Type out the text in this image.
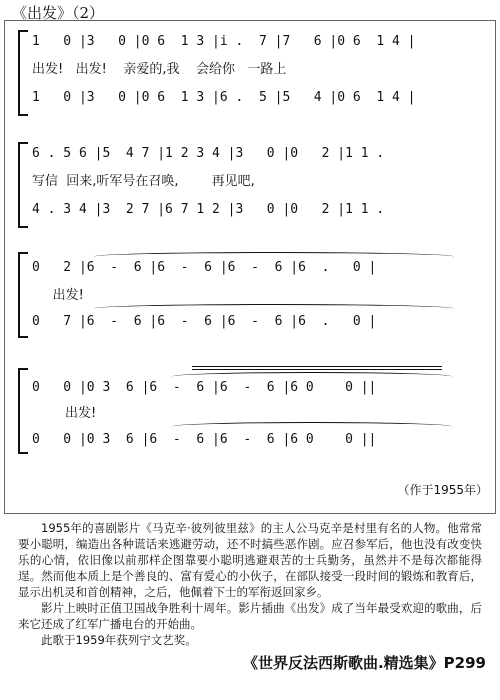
《出发》（2）
1   0 |3   0 |0 6  1 3 |i .  7 |7   6 |0 6  1 4 |
出发!   出发!    亲爱的,我    会给你   一路上
1   0 |3   0 |0 6  1 3 |6 .  5 |5   4 |0 6  1 4 |
6 . 5 6 |5  4 7 |1 2 3 4 |3   0 |0   2 |1 1 .
写信  回来,听军号在召唤,        再见吧,
4 . 3 4 |3  2 7 |6 7 1 2 |3   0 |0   2 |1 1 .
0   2 |6  -  6 |6  -  6 |6  -  6 |6  .   0 |
出发!
0   7 |6  -  6 |6  -  6 |6  -  6 |6  .   0 |
0   0 |0 3  6 |6  -  6 |6  -  6 |6 0    0 ||
出发!
0   0 |0 3  6 |6  -  6 |6  -  6 |6 0    0 ||
（作于1955年）

1955年的喜剧影片《马克辛·彼列彼里兹》的主人公马克辛是村里有名的人物。他常常要小聪明，编造出各种谎话来逃避劳动，还不时搞些恶作剧。应召参军后，他也没有改变快乐的心情，依旧像以前那样企图靠要小聪明逃避艰苦的士兵勤务，虽然并不是每次都能得逞。然而他本质上是个善良的、富有爱心的小伙子，在部队接受一段时间的锻炼和教育后，显示出机灵和首创精神，之后，他佩着下士的军衔返回家乡。

影片上映时正值卫国战争胜利十周年。影片插曲《出发》成了当年最受欢迎的歌曲，后来它还成了红军广播电台的开始曲。

此歌于1959年获列宁文艺奖。

《世界反法西斯歌曲.精选集》P299
